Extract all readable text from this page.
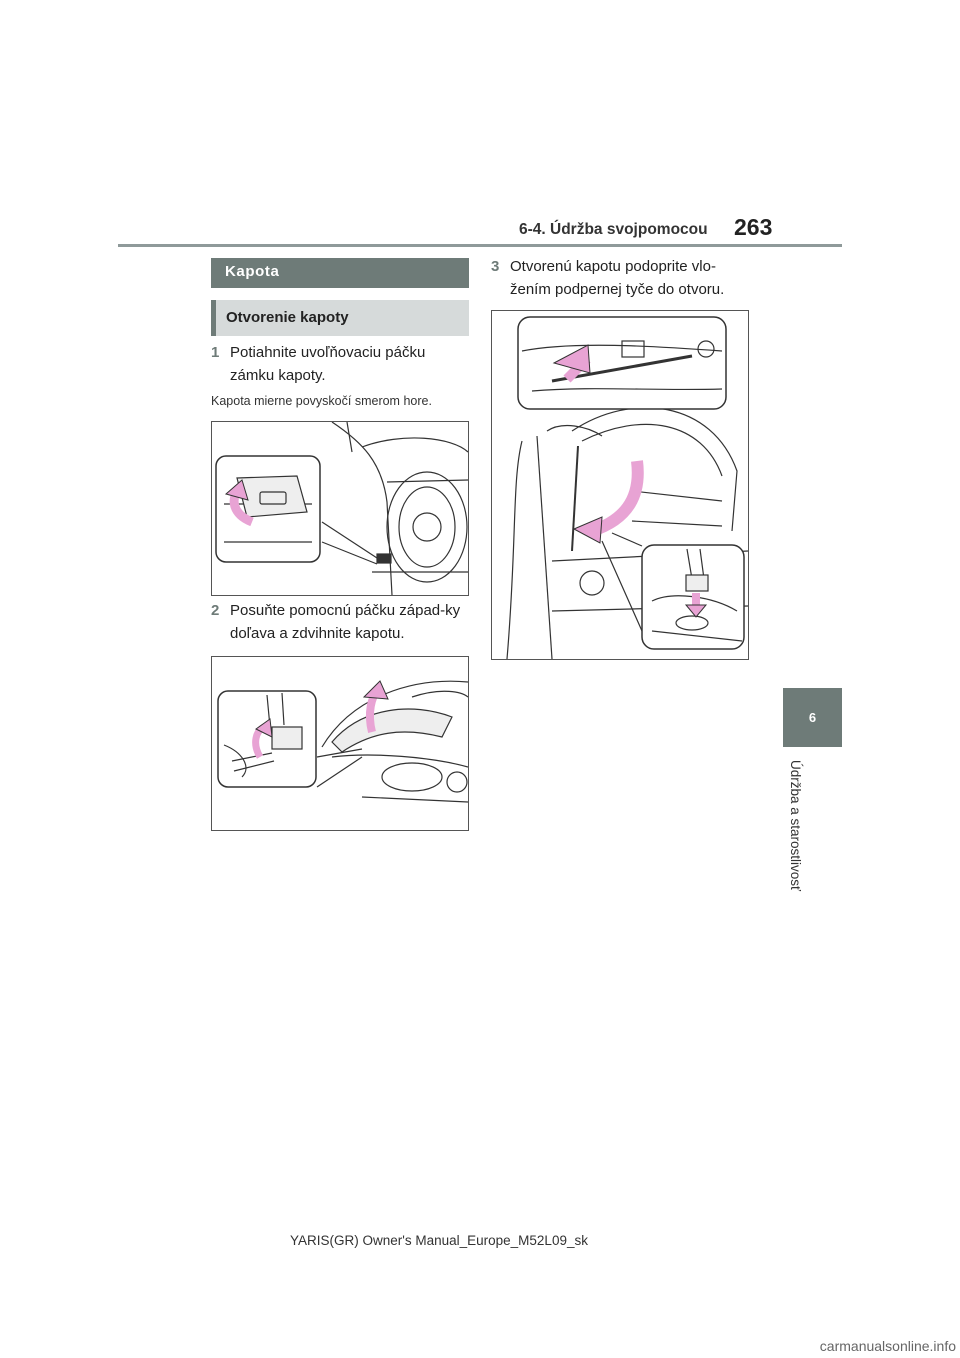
6-4. Údržba svojpomocou 263
6
Údržba a starostlivosť
Kapota
Otvorenie kapoty
1 Potiahnite uvoľňovaciu páčku zámku kapoty.
Kapota mierne povyskočí smerom hore.
2 Posuňte pomocnú páčku západ-ky doľava a zdvihnite kapotu.
3 Otvorenú kapotu podoprite vlo-žením podpernej tyče do otvoru.
YARIS(GR) Owner's Manual_Europe_M52L09_sk
carmanualsonline.info
